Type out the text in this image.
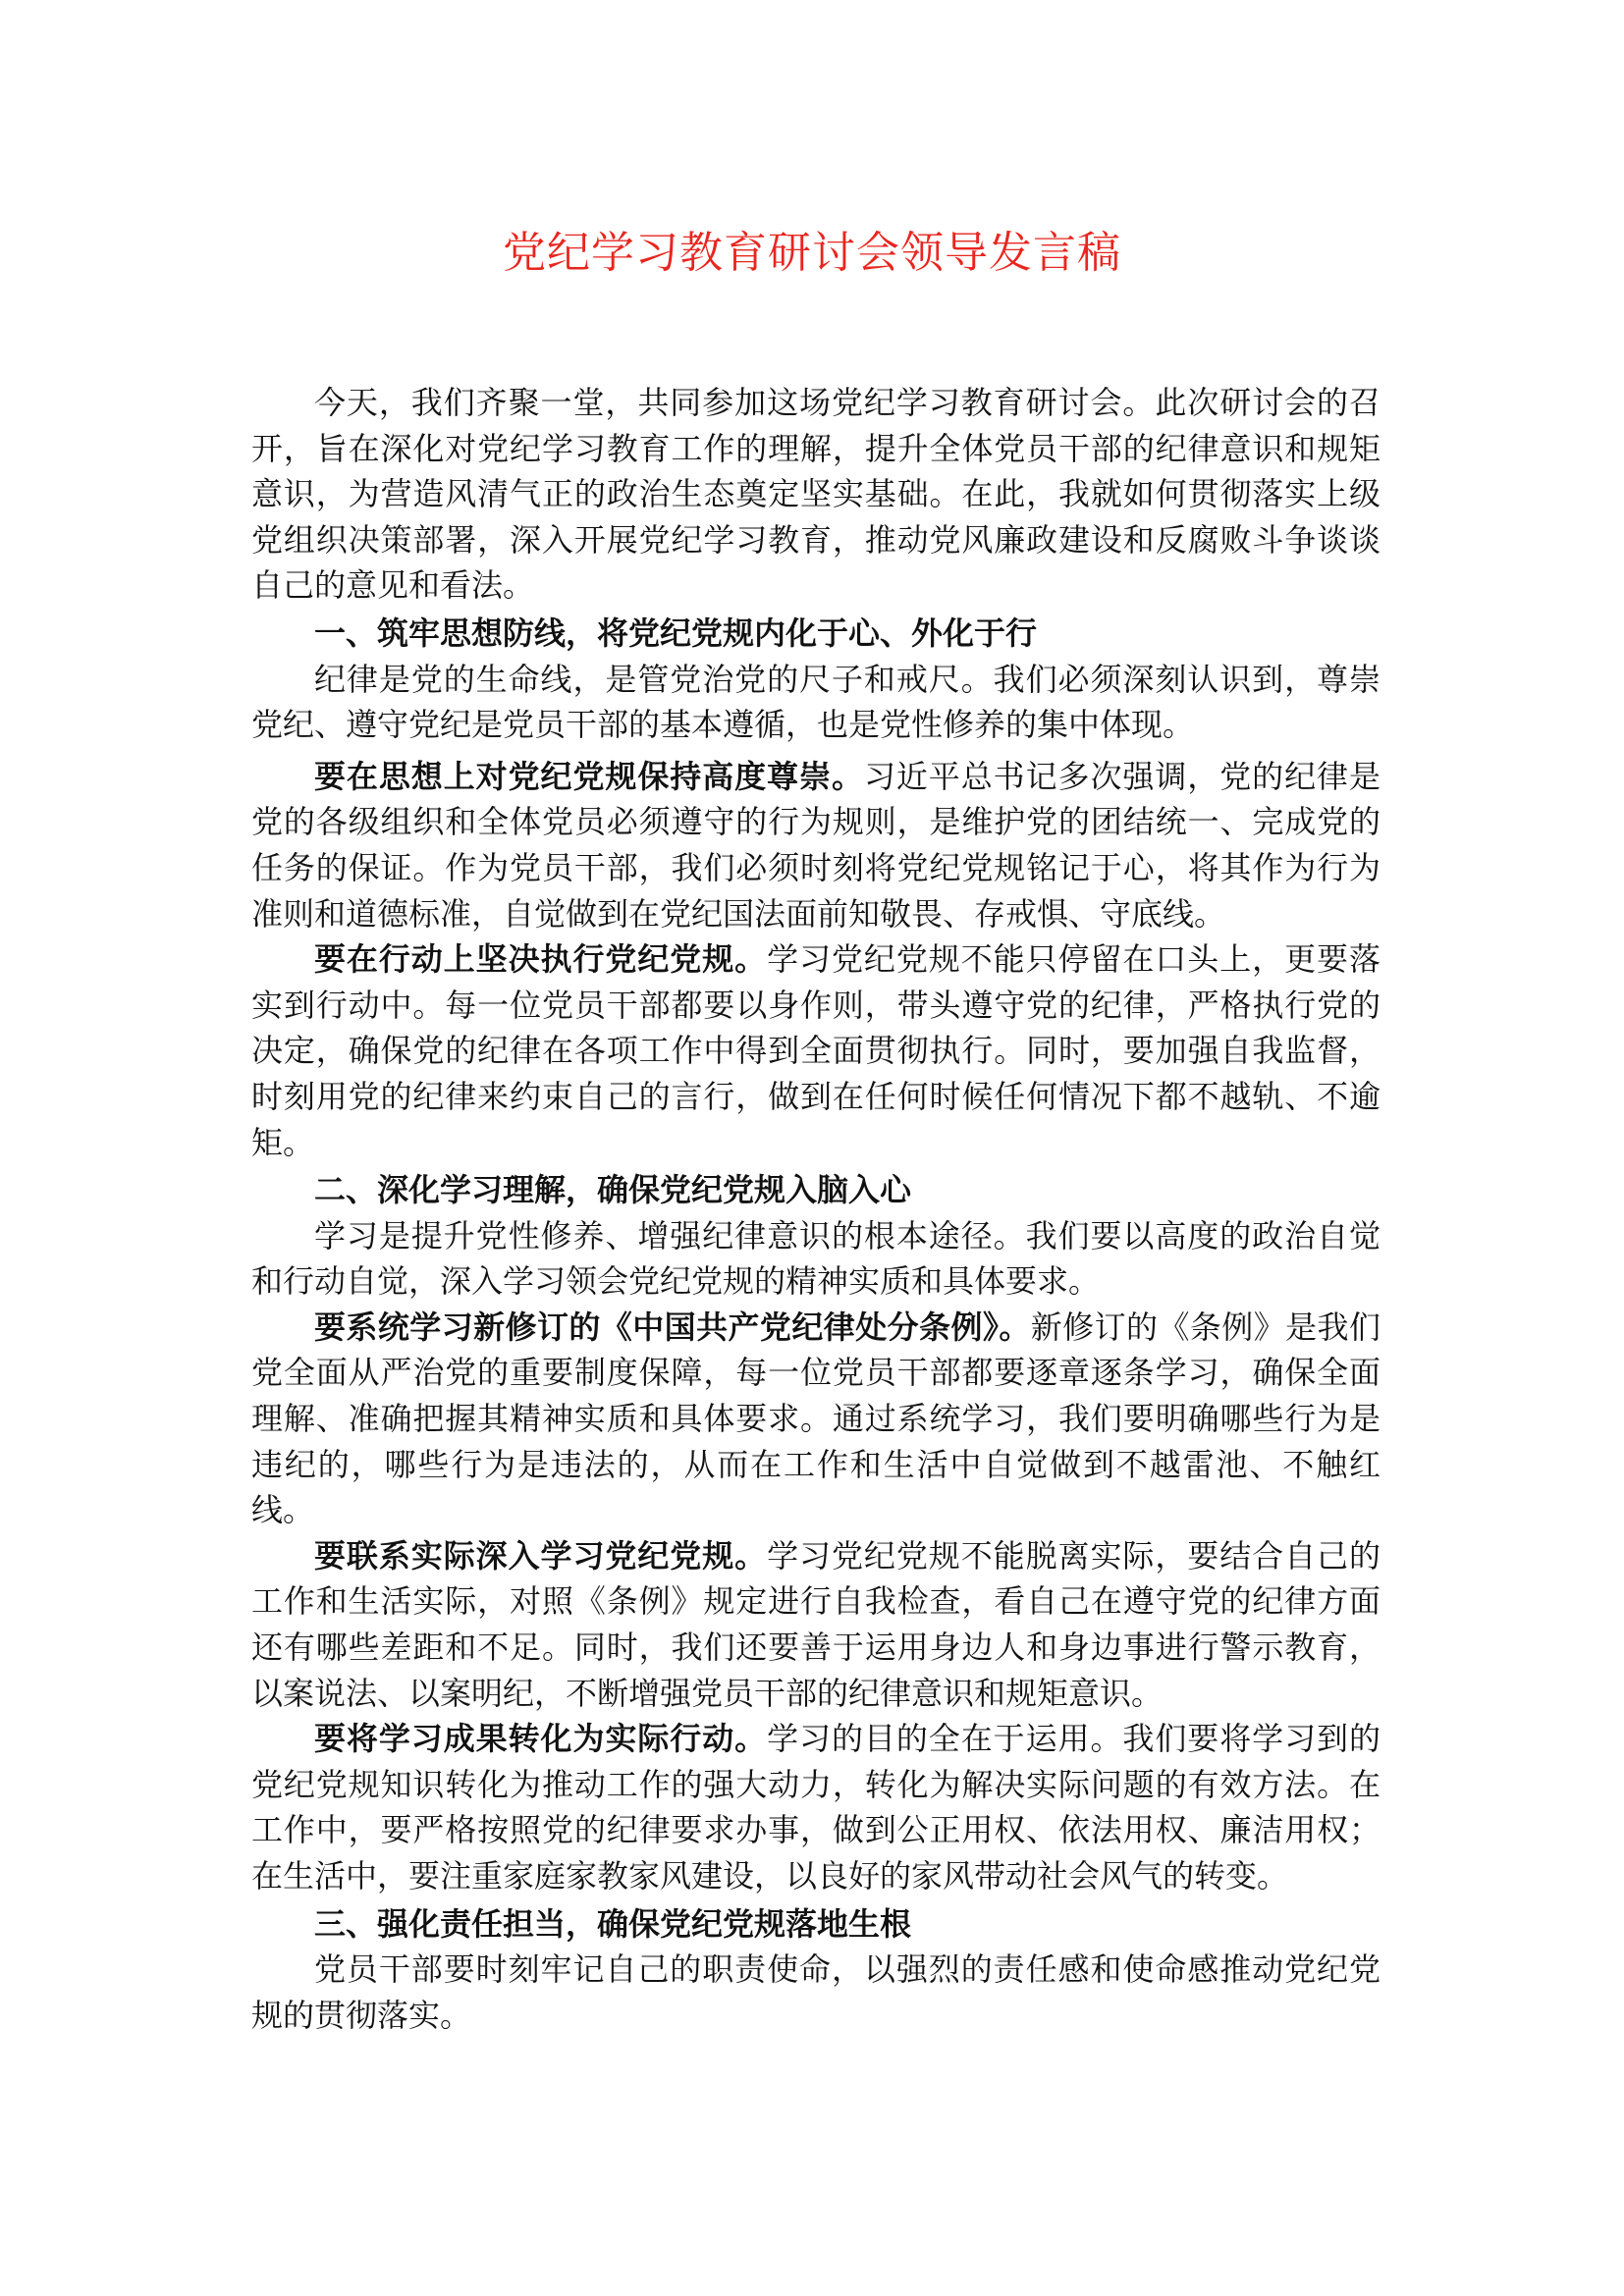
党纪学习教育研讨会领导发言稿

今天，我们齐聚一堂，共同参加这场党纪学习教育研讨会。此次研讨会的召开，旨在深化对党纪学习教育工作的理解，提升全体党员干部的纪律意识和规矩意识，为营造风清气正的政治生态奠定坚实基础。在此，我就如何贯彻落实上级党组织决策部署，深入开展党纪学习教育，推动党风廉政建设和反腐败斗争谈谈自己的意见和看法。

一、筑牢思想防线，将党纪党规内化于心、外化于行

纪律是党的生命线，是管党治党的尺子和戒尺。我们必须深刻认识到，尊崇党纪、遵守党纪是党员干部的基本遵循，也是党性修养的集中体现。

要在思想上对党纪党规保持高度尊崇。习近平总书记多次强调，党的纪律是党的各级组织和全体党员必须遵守的行为规则，是维护党的团结统一、完成党的任务的保证。作为党员干部，我们必须时刻将党纪党规铭记于心，将其作为行为准则和道德标准，自觉做到在党纪国法面前知敬畏、存戒惧、守底线。

要在行动上坚决执行党纪党规。学习党纪党规不能只停留在口头上，更要落实到行动中。每一位党员干部都要以身作则，带头遵守党的纪律，严格执行党的决定，确保党的纪律在各项工作中得到全面贯彻执行。同时，要加强自我监督，时刻用党的纪律来约束自己的言行，做到在任何时候任何情况下都不越轨、不逾矩。

二、深化学习理解，确保党纪党规入脑入心

学习是提升党性修养、增强纪律意识的根本途径。我们要以高度的政治自觉和行动自觉，深入学习领会党纪党规的精神实质和具体要求。

要系统学习新修订的《中国共产党纪律处分条例》。新修订的《条例》是我们党全面从严治党的重要制度保障，每一位党员干部都要逐章逐条学习，确保全面理解、准确把握其精神实质和具体要求。通过系统学习，我们要明确哪些行为是违纪的，哪些行为是违法的，从而在工作和生活中自觉做到不越雷池、不触红线。

要联系实际深入学习党纪党规。学习党纪党规不能脱离实际，要结合自己的工作和生活实际，对照《条例》规定进行自我检查，看自己在遵守党的纪律方面还有哪些差距和不足。同时，我们还要善于运用身边人和身边事进行警示教育，以案说法、以案明纪，不断增强党员干部的纪律意识和规矩意识。

要将学习成果转化为实际行动。学习的目的全在于运用。我们要将学习到的党纪党规知识转化为推动工作的强大动力，转化为解决实际问题的有效方法。在工作中，要严格按照党的纪律要求办事，做到公正用权、依法用权、廉洁用权；在生活中，要注重家庭家教家风建设，以良好的家风带动社会风气的转变。

三、强化责任担当，确保党纪党规落地生根

党员干部要时刻牢记自己的职责使命，以强烈的责任感和使命感推动党纪党规的贯彻落实。
